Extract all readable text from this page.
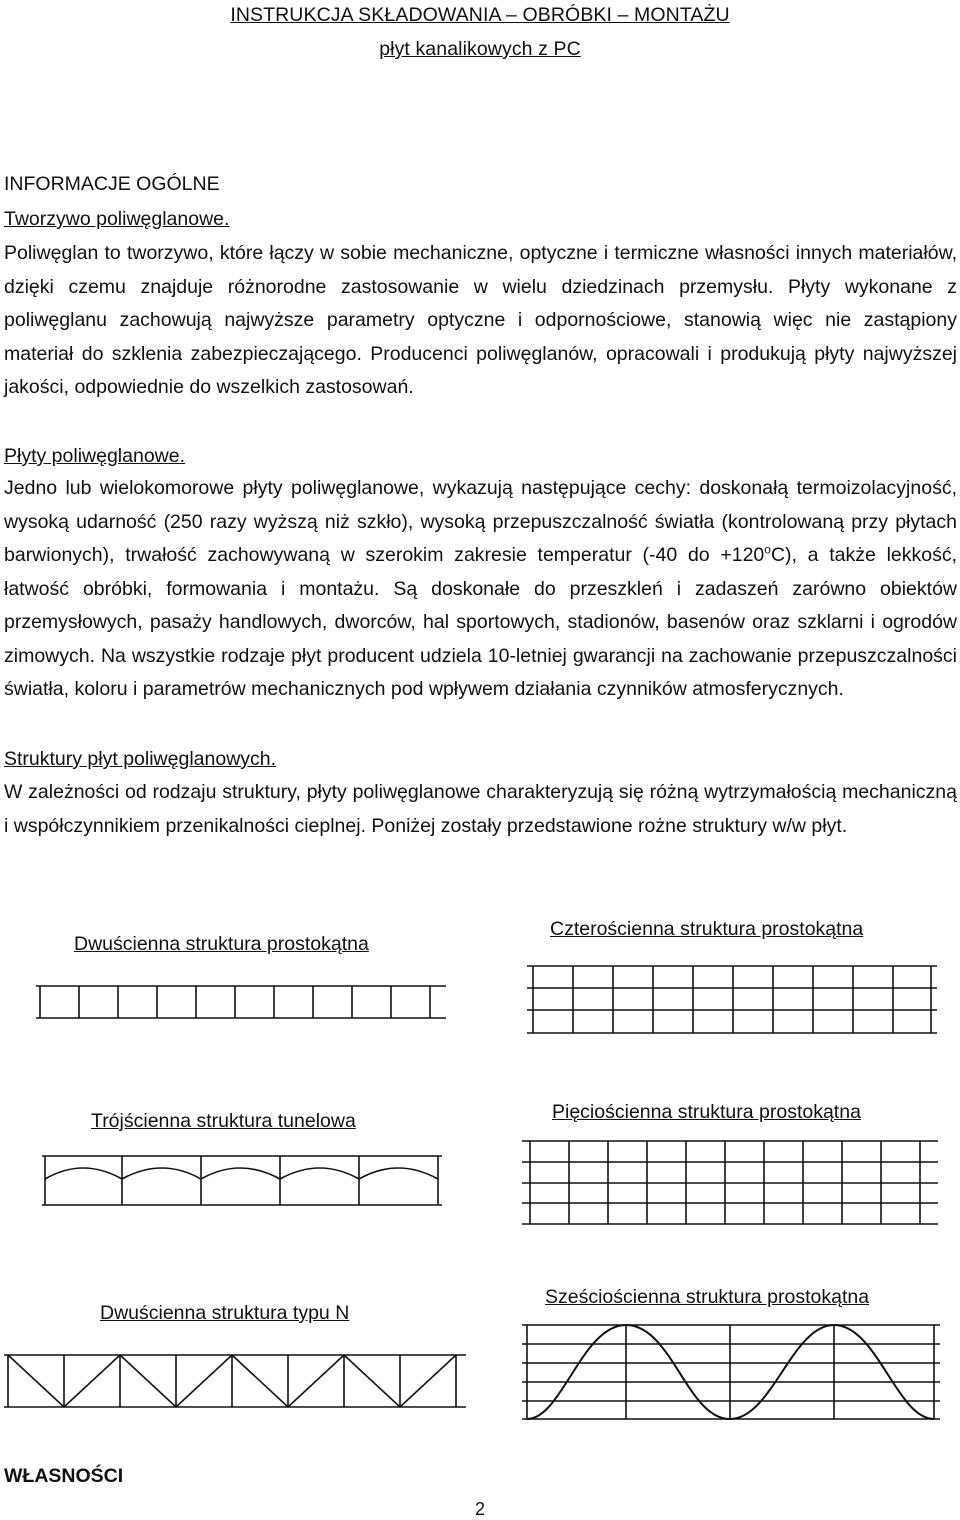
INSTRUKCJA SKŁADOWANIA – OBRÓBKI – MONTAŻU
płyt kanalikowych z PC
INFORMACJE OGÓLNE
Tworzywo poliwęglanowe.
Poliwęglan to tworzywo, które łączy w sobie mechaniczne, optyczne i termiczne własności innych materiałów, dzięki czemu znajduje różnorodne zastosowanie w wielu dziedzinach przemysłu. Płyty wykonane z poliwęglanu zachowują najwyższe parametry optyczne i odpornościowe, stanowią więc nie zastąpiony materiał do szklenia zabezpieczającego. Producenci poliwęglanów, opracowali i produkują płyty najwyższej jakości, odpowiednie do wszelkich zastosowań.
Płyty poliwęglanowe.
Jedno lub wielokomorowe płyty poliwęglanowe, wykazują następujące cechy: doskonałą termoizolacyjność, wysoką udarność (250 razy wyższą niż szkło), wysoką przepuszczalność światła (kontrolowaną przy płytach barwionych), trwałość zachowywaną w szerokim zakresie temperatur (-40 do $+120^oC$), a także lekkość, łatwość obróbki, formowania i montażu. Są doskonałe do przeszkleń i zadaszeń zarówno obiektów przemysłowych, pasaży handlowych, dworców, hal sportowych, stadionów, basenów oraz szklarni i ogrodów zimowych. Na wszystkie rodzaje płyt producent udziela 10-letniej gwarancji na zachowanie przepuszczalności światła, koloru i parametrów mechanicznych pod wpływem działania czynników atmosferycznych.
Struktury płyt poliwęglanowych.
W zależności od rodzaju struktury, płyty poliwęglanowe charakteryzują się różną wytrzymałością mechaniczną i współczynnikiem przenikalności cieplnej. Poniżej zostały przedstawione rożne struktury w/w płyt.
Dwuścienna struktura prostokątna
Czterościenna struktura prostokątna
Trójścienna struktura tunelowa	Pięciościenna struktura prostokątna
Dwuścienna struktura typu N
Sześciościenna struktura prostokątna
WŁASNOŚCI
2
